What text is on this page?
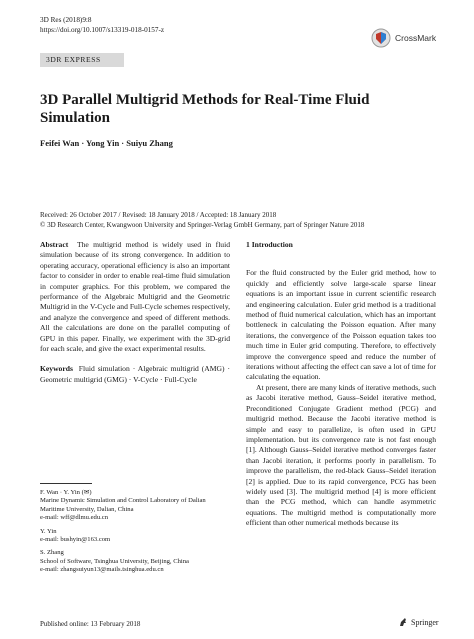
3D Res (2018)9:8
https://doi.org/10.1007/s13319-018-0157-z
CrossMark
3DR EXPRESS
3D Parallel Multigrid Methods for Real-Time Fluid Simulation
Feifei Wan · Yong Yin · Suiyu Zhang
Received: 26 October 2017 / Revised: 18 January 2018 / Accepted: 18 January 2018
© 3D Research Center, Kwangwoon University and Springer-Verlag GmbH Germany, part of Springer Nature 2018

Abstract The multigrid method is widely used in fluid simulation because of its strong convergence. In addition to operating accuracy, operational efficiency is also an important factor to consider in order to enable real-time fluid simulation in computer graphics. For this problem, we compared the performance of the Algebraic Multigrid and the Geometric Multigrid in the V-Cycle and Full-Cycle schemes respectively, and analyze the convergence and speed of different methods. All the calculations are done on the parallel computing of GPU in this paper. Finally, we experiment with the 3D-grid for each scale, and give the exact experimental results.

Keywords Fluid simulation · Algebraic multigrid (AMG) · Geometric multigrid (GMG) · V-Cycle · Full-Cycle

F. Wan · Y. Yin (✉)
Marine Dynamic Simulation and Control Laboratory of Dalian Maritime University, Dalian, China
e-mail: wff@dlmu.edu.cn
Y. Yin
e-mail: bushyin@163.com
S. Zhang
School of Software, Tsinghua University, Beijing, China
e-mail: zhangsuiyun13@mails.tsinghua.edu.cn
1 Introduction

For the fluid constructed by the Euler grid method, how to quickly and efficiently solve large-scale sparse linear equations is an important issue in current scientific research and engineering calculation. Euler grid method is a traditional method of fluid numerical calculation, which has an important bottleneck in calculating the Poisson equation. After many iterations, the convergence of the Poisson equation takes too much time in Euler grid computing. Therefore, to effectively improve the convergence speed and reduce the number of iterations without affecting the effect can save a lot of time for calculating the equation.

At present, there are many kinds of iterative methods, such as Jacobi iterative method, Gauss–Seidel iterative method, Preconditioned Conjugate Gradient method (PCG) and multigrid method. Because the Jacobi iterative method is simple and easy to parallelize, is often used in GPU implementation. but its convergence rate is not fast enough [1]. Although Gauss–Seidel iterative method converges faster than Jacobi iteration, it performs poorly in parallelism. To improve the parallelism, the red-black Gauss–Seidel iteration [2] is applied. Due to its rapid convergence, PCG has been widely used [3]. The multigrid method [4] is more efficient than the PCG method, which can handle asymmetric equations. The multigrid method is computationally more efficient than other numerical methods because its

Published online: 13 February 2018	Springer
